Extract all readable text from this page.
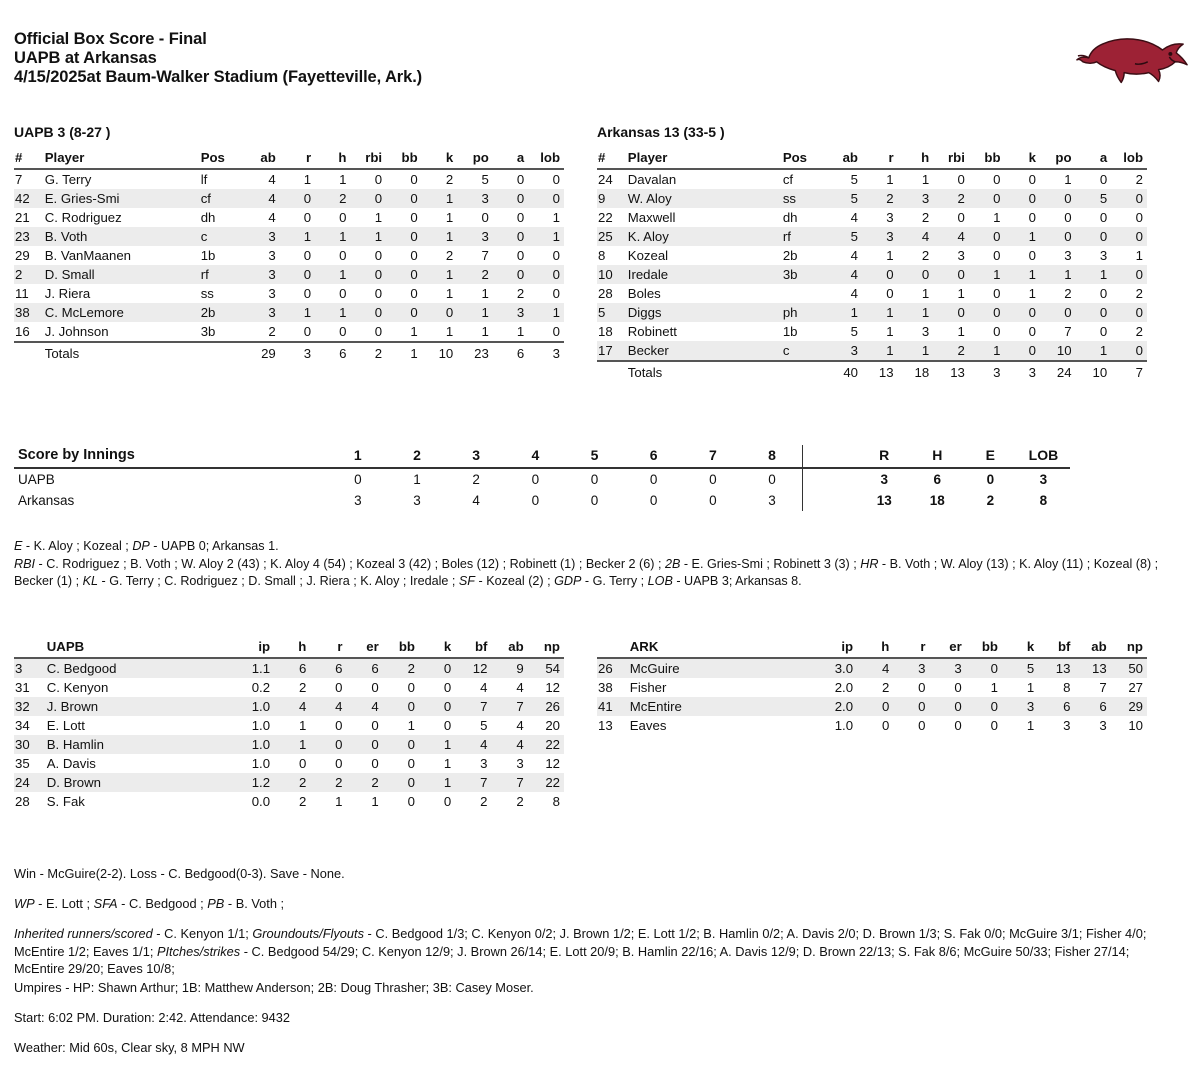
Official Box Score - Final
UAPB at Arkansas
4/15/2025at Baum-Walker Stadium (Fayetteville, Ark.)
UAPB 3 (8-27 )
#	Player	Pos	ab	r	h	rbi	bb	k	po	a	lob
7	G. Terry	lf	4	1	1	0	0	2	5	0	0
42	E. Gries-Smi	cf	4	0	2	0	0	1	3	0	0
21	C. Rodriguez	dh	4	0	0	1	0	1	0	0	1
23	B. Voth	c	3	1	1	1	0	1	3	0	1
29	B. VanMaanen	1b	3	0	0	0	0	2	7	0	0
2	D. Small	rf	3	0	1	0	0	1	2	0	0
11	J. Riera	ss	3	0	0	0	0	1	1	2	0
38	C. McLemore	2b	3	1	1	0	0	0	1	3	1
16	J. Johnson	3b	2	0	0	0	1	1	1	1	0
	Totals		29	3	6	2	1	10	23	6	3
Arkansas 13 (33-5 )
#	Player	Pos	ab	r	h	rbi	bb	k	po	a	lob
24	Davalan	cf	5	1	1	0	0	0	1	0	2
9	W. Aloy	ss	5	2	3	2	0	0	0	5	0
22	Maxwell	dh	4	3	2	0	1	0	0	0	0
25	K. Aloy	rf	5	3	4	4	0	1	0	0	0
8	Kozeal	2b	4	1	2	3	0	0	3	3	1
10	Iredale	3b	4	0	0	0	1	1	1	1	0
28	Boles		4	0	1	1	0	1	2	0	2
5	Diggs	ph	1	1	1	0	0	0	0	0	0
18	Robinett	1b	5	1	3	1	0	0	7	0	2
17	Becker	c	3	1	1	2	1	0	10	1	0
	Totals		40	13	18	13	3	3	24	10	7
Score by Innings	1	2	3	4	5	6	7	8		R	H	E	LOB
UAPB	0	1	2	0	0	0	0	0		3	6	0	3
Arkansas	3	3	4	0	0	0	0	3		13	18	2	8

E - K. Aloy ; Kozeal ; DP - UAPB 0; Arkansas 1.

RBI - C. Rodriguez ; B. Voth ; W. Aloy 2 (43) ; K. Aloy 4 (54) ; Kozeal 3 (42) ; Boles (12) ; Robinett (1) ; Becker 2 (6) ; 2B - E. Gries-Smi ; Robinett 3 (3) ; HR - B. Voth ; W. Aloy (13) ; K. Aloy (11) ; Kozeal (8) ; Becker (1) ; KL - G. Terry ; C. Rodriguez ; D. Small ; J. Riera ; K. Aloy ; Iredale ; SF - Kozeal (2) ; GDP - G. Terry ; LOB - UAPB 3; Arkansas 8.

	UAPB	ip	h	r	er	bb	k	bf	ab	np
3	C. Bedgood	1.1	6	6	6	2	0	12	9	54
31	C. Kenyon	0.2	2	0	0	0	0	4	4	12
32	J. Brown	1.0	4	4	4	0	0	7	7	26
34	E. Lott	1.0	1	0	0	1	0	5	4	20
30	B. Hamlin	1.0	1	0	0	0	1	4	4	22
35	A. Davis	1.0	0	0	0	0	1	3	3	12
24	D. Brown	1.2	2	2	2	0	1	7	7	22
28	S. Fak	0.0	2	1	1	0	0	2	2	8
	ARK	ip	h	r	er	bb	k	bf	ab	np
26	McGuire	3.0	4	3	3	0	5	13	13	50
38	Fisher	2.0	2	0	0	1	1	8	7	27
41	McEntire	2.0	0	0	0	0	3	6	6	29
13	Eaves	1.0	0	0	0	0	1	3	3	10

Win - McGuire(2-2). Loss - C. Bedgood(0-3). Save - None.

WP - E. Lott ; SFA - C. Bedgood ; PB - B. Voth ;

Inherited runners/scored - C. Kenyon 1/1; Groundouts/Flyouts - C. Bedgood 1/3; C. Kenyon 0/2; J. Brown 1/2; E. Lott 1/2; B. Hamlin 0/2; A. Davis 2/0; D. Brown 1/3; S. Fak 0/0; McGuire 3/1; Fisher 4/0; McEntire 1/2; Eaves 1/1; PItches/strikes - C. Bedgood 54/29; C. Kenyon 12/9; J. Brown 26/14; E. Lott 20/9; B. Hamlin 22/16; A. Davis 12/9; D. Brown 22/13; S. Fak 8/6; McGuire 50/33; Fisher 27/14; McEntire 29/20; Eaves 10/8;

Umpires - HP: Shawn Arthur; 1B: Matthew Anderson; 2B: Doug Thrasher; 3B: Casey Moser.

Start: 6:02 PM. Duration: 2:42. Attendance: 9432

Weather: Mid 60s, Clear sky, 8 MPH NW
